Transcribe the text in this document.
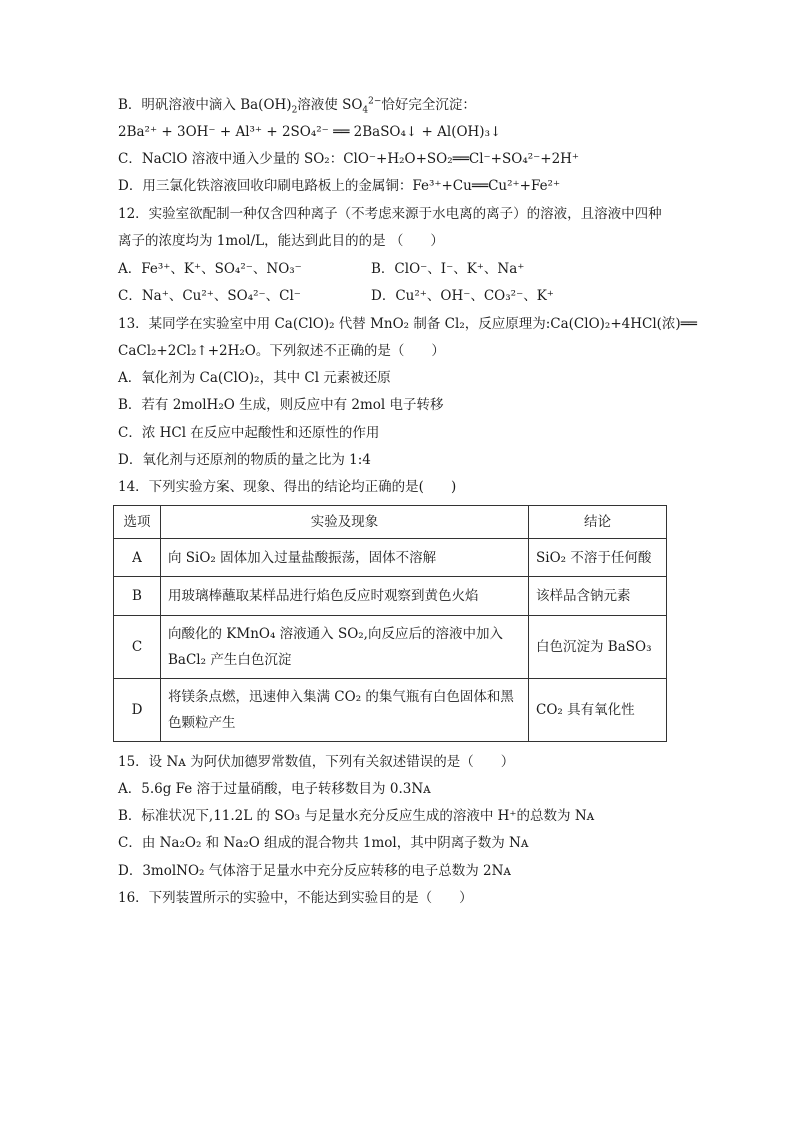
B．明矾溶液中滴入 $Ba(OH)_2$溶液使 $SO_4^{2-}$恰好完全沉淀：
2Ba²⁺ + 3OH⁻ + Al³⁺ + 2SO₄²⁻ ══ 2BaSO₄↓ + Al(OH)₃↓
C．NaClO 溶液中通入少量的 SO₂：ClO⁻+H₂O+SO₂══Cl⁻+SO₄²⁻+2H⁺
D．用三氯化铁溶液回收印刷电路板上的金属铜：Fe³⁺+Cu══Cu²⁺+Fe²⁺
12．实验室欲配制一种仅含四种离子（不考虑来源于水电离的离子）的溶液，且溶液中四种
离子的浓度均为 1mol/L，能达到此目的的是 （　　）
A．Fe³⁺、K⁺、SO₄²⁻、NO₃⁻	B．ClO⁻、I⁻、K⁺、Na⁺
C．Na⁺、Cu²⁺、SO₄²⁻、Cl⁻	D．Cu²⁺、OH⁻、CO₃²⁻、K⁺
13．某同学在实验室中用 Ca(ClO)₂ 代替 MnO₂ 制备 Cl₂，反应原理为:Ca(ClO)₂+4HCl(浓)══
CaCl₂+2Cl₂↑+2H₂O。下列叙述不正确的是（　　）
A．氧化剂为 Ca(ClO)₂，其中 Cl 元素被还原
B．若有 2molH₂O 生成，则反应中有 2mol 电子转移
C．浓 HCl 在反应中起酸性和还原性的作用
D．氧化剂与还原剂的物质的量之比为 1:4
14．下列实验方案、现象、得出的结论均正确的是(　　)
选项	实验及现象	结论
A	向 SiO₂ 固体加入过量盐酸振荡，固体不溶解	SiO₂ 不溶于任何酸
B	用玻璃棒蘸取某样品进行焰色反应时观察到黄色火焰	该样品含钠元素
C	向酸化的 KMnO₄ 溶液通入 SO₂,向反应后的溶液中加入 BaCl₂ 产生白色沉淀	白色沉淀为 BaSO₃
D	将镁条点燃，迅速伸入集满 CO₂ 的集气瓶有白色固体和黑色颗粒产生	CO₂ 具有氧化性
15．设 Nᴀ 为阿伏加德罗常数值，下列有关叙述错误的是（　　）
A．5.6g Fe 溶于过量硝酸，电子转移数目为 0.3Nᴀ
B．标准状况下,11.2L 的 SO₃ 与足量水充分反应生成的溶液中 H⁺的总数为 Nᴀ
C．由 Na₂O₂ 和 Na₂O 组成的混合物共 1mol，其中阴离子数为 Nᴀ
D．3molNO₂ 气体溶于足量水中充分反应转移的电子总数为 2Nᴀ
16．下列装置所示的实验中，不能达到实验目的是（　　）
